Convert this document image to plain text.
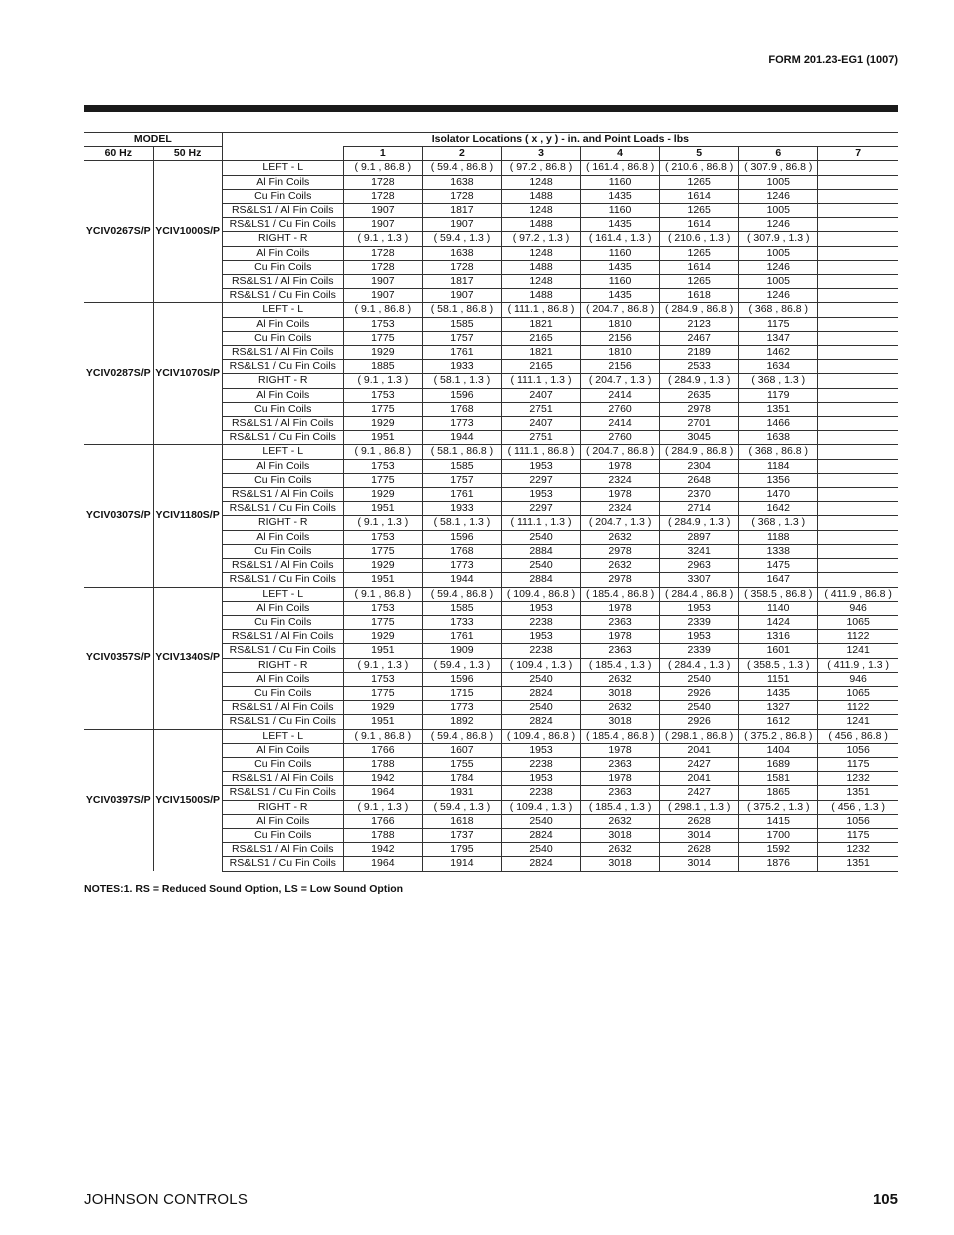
FORM 201.23-EG1 (1007)
MODEL		Isolator Locations ( x , y ) - in. and Point Loads - lbs							
60 Hz	50 Hz		1	2	3	4	5	6	7
YCIV0267S/P	YCIV1000S/P	LEFT - L	( 9.1 , 86.8 )	( 59.4 , 86.8 )	( 97.2 , 86.8 )	( 161.4 , 86.8 )	( 210.6 , 86.8 )	( 307.9 , 86.8 )	
		Al Fin Coils	1728	1638	1248	1160	1265	1005	
		Cu Fin Coils	1728	1728	1488	1435	1614	1246	
		RS&LS1 / Al Fin Coils	1907	1817	1248	1160	1265	1005	
		RS&LS1 / Cu Fin Coils	1907	1907	1488	1435	1614	1246	
		RIGHT - R	( 9.1 , 1.3 )	( 59.4 , 1.3 )	( 97.2 , 1.3 )	( 161.4 , 1.3 )	( 210.6 , 1.3 )	( 307.9 , 1.3 )	
		Al Fin Coils	1728	1638	1248	1160	1265	1005	
		Cu Fin Coils	1728	1728	1488	1435	1614	1246	
		RS&LS1 / Al Fin Coils	1907	1817	1248	1160	1265	1005	
		RS&LS1 / Cu Fin Coils	1907	1907	1488	1435	1618	1246	
YCIV0287S/P	YCIV1070S/P	LEFT - L	( 9.1 , 86.8 )	( 58.1 , 86.8 )	( 111.1 , 86.8 )	( 204.7 , 86.8 )	( 284.9 , 86.8 )	( 368 , 86.8 )	
		Al Fin Coils	1753	1585	1821	1810	2123	1175	
		Cu Fin Coils	1775	1757	2165	2156	2467	1347	
		RS&LS1 / Al Fin Coils	1929	1761	1821	1810	2189	1462	
		RS&LS1 / Cu Fin Coils	1885	1933	2165	2156	2533	1634	
		RIGHT - R	( 9.1 , 1.3 )	( 58.1 , 1.3 )	( 111.1 , 1.3 )	( 204.7 , 1.3 )	( 284.9 , 1.3 )	( 368 , 1.3 )	
		Al Fin Coils	1753	1596	2407	2414	2635	1179	
		Cu Fin Coils	1775	1768	2751	2760	2978	1351	
		RS&LS1 / Al Fin Coils	1929	1773	2407	2414	2701	1466	
		RS&LS1 / Cu Fin Coils	1951	1944	2751	2760	3045	1638	
YCIV0307S/P	YCIV1180S/P	LEFT - L	( 9.1 , 86.8 )	( 58.1 , 86.8 )	( 111.1 , 86.8 )	( 204.7 , 86.8 )	( 284.9 , 86.8 )	( 368 , 86.8 )	
		Al Fin Coils	1753	1585	1953	1978	2304	1184	
		Cu Fin Coils	1775	1757	2297	2324	2648	1356	
		RS&LS1 / Al Fin Coils	1929	1761	1953	1978	2370	1470	
		RS&LS1 / Cu Fin Coils	1951	1933	2297	2324	2714	1642	
		RIGHT - R	( 9.1 , 1.3 )	( 58.1 , 1.3 )	( 111.1 , 1.3 )	( 204.7 , 1.3 )	( 284.9 , 1.3 )	( 368 , 1.3 )	
		Al Fin Coils	1753	1596	2540	2632	2897	1188	
		Cu Fin Coils	1775	1768	2884	2978	3241	1338	
		RS&LS1 / Al Fin Coils	1929	1773	2540	2632	2963	1475	
		RS&LS1 / Cu Fin Coils	1951	1944	2884	2978	3307	1647	
YCIV0357S/P	YCIV1340S/P	LEFT - L	( 9.1 , 86.8 )	( 59.4 , 86.8 )	( 109.4 , 86.8 )	( 185.4 , 86.8 )	( 284.4 , 86.8 )	( 358.5 , 86.8 )	( 411.9 , 86.8 )
		Al Fin Coils	1753	1585	1953	1978	1953	1140	946
		Cu Fin Coils	1775	1733	2238	2363	2339	1424	1065
		RS&LS1 / Al Fin Coils	1929	1761	1953	1978	1953	1316	1122
		RS&LS1 / Cu Fin Coils	1951	1909	2238	2363	2339	1601	1241
		RIGHT - R	( 9.1 , 1.3 )	( 59.4 , 1.3 )	( 109.4 , 1.3 )	( 185.4 , 1.3 )	( 284.4 , 1.3 )	( 358.5 , 1.3 )	( 411.9 , 1.3 )
		Al Fin Coils	1753	1596	2540	2632	2540	1151	946
		Cu Fin Coils	1775	1715	2824	3018	2926	1435	1065
		RS&LS1 / Al Fin Coils	1929	1773	2540	2632	2540	1327	1122
		RS&LS1 / Cu Fin Coils	1951	1892	2824	3018	2926	1612	1241
YCIV0397S/P	YCIV1500S/P	LEFT - L	( 9.1 , 86.8 )	( 59.4 , 86.8 )	( 109.4 , 86.8 )	( 185.4 , 86.8 )	( 298.1 , 86.8 )	( 375.2 , 86.8 )	( 456 , 86.8 )
		Al Fin Coils	1766	1607	1953	1978	2041	1404	1056
		Cu Fin Coils	1788	1755	2238	2363	2427	1689	1175
		RS&LS1 / Al Fin Coils	1942	1784	1953	1978	2041	1581	1232
		RS&LS1 / Cu Fin Coils	1964	1931	2238	2363	2427	1865	1351
		RIGHT - R	( 9.1 , 1.3 )	( 59.4 , 1.3 )	( 109.4 , 1.3 )	( 185.4 , 1.3 )	( 298.1 , 1.3 )	( 375.2 , 1.3 )	( 456 , 1.3 )
		Al Fin Coils	1766	1618	2540	2632	2628	1415	1056
		Cu Fin Coils	1788	1737	2824	3018	3014	1700	1175
		RS&LS1 / Al Fin Coils	1942	1795	2540	2632	2628	1592	1232
		RS&LS1 / Cu Fin Coils	1964	1914	2824	3018	3014	1876	1351
NOTES:1. RS = Reduced Sound Option, LS = Low Sound Option
JOHNSON CONTROLS	105
